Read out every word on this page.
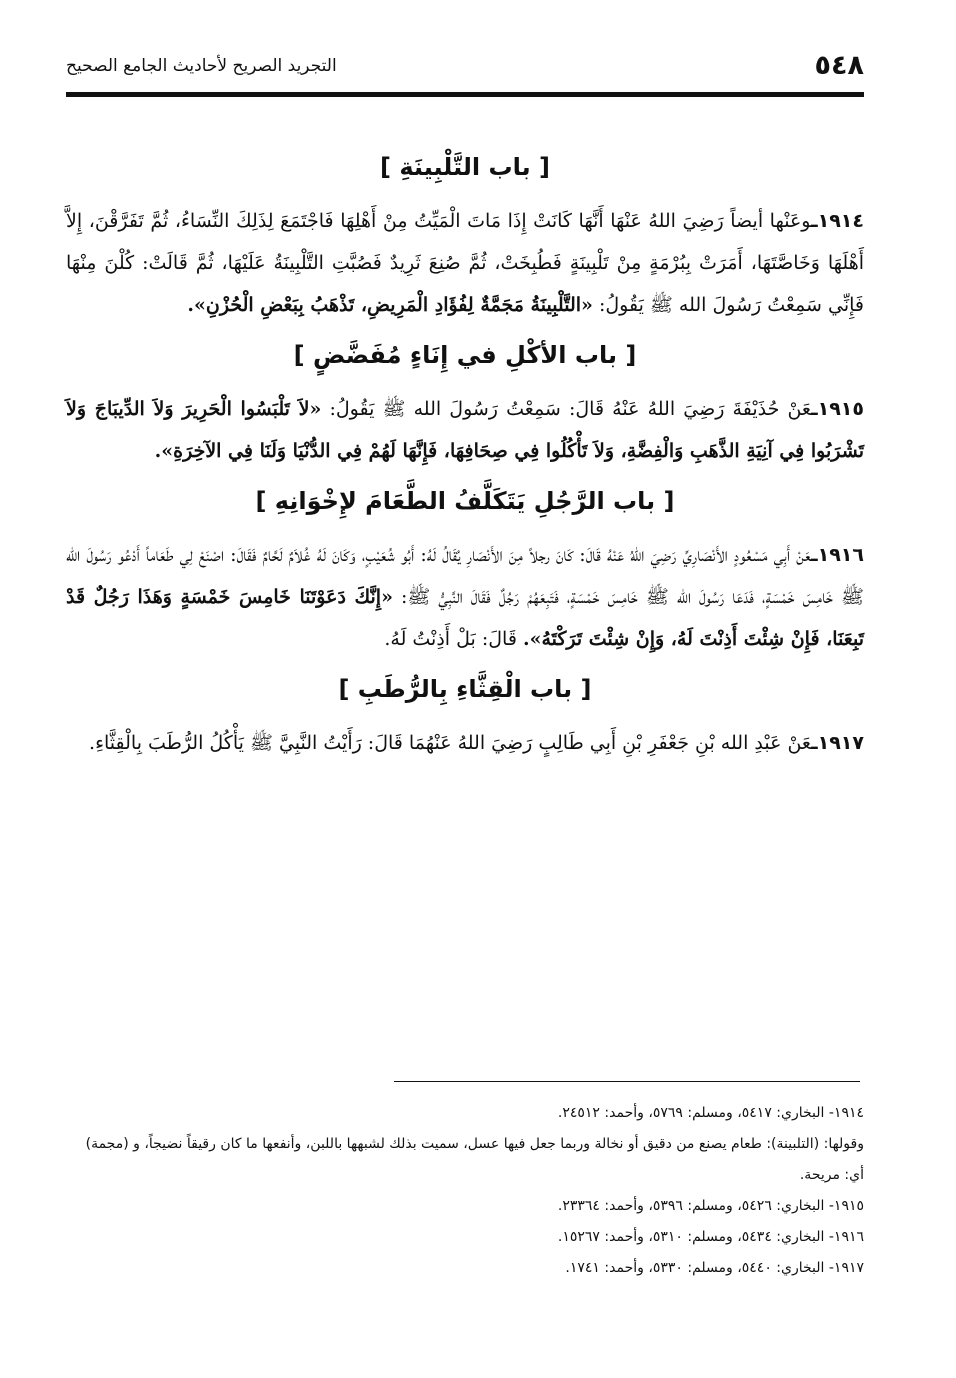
٥٤٨
التجريد الصريح لأحاديث الجامع الصحيح
[ باب التَّلْبِينَةِ ]

١٩١٤ـوعَنْها أيضاً رَضِيَ اللهُ عَنْهَا أَنَّهَا كَانَتْ إِذَا مَاتَ الْمَيِّتُ مِنْ أَهْلِهَا فَاجْتَمَعَ لِذَلِكَ النِّسَاءُ، ثُمَّ تَفَرَّقْنَ، إِلاَّ أَهْلَهَا وَخَاصَّتَهَا، أَمَرَتْ بِبُرْمَةٍ مِنْ تَلْبِينَةٍ فَطُبِخَتْ، ثُمَّ صُنِعَ ثَرِيدٌ فَصُبَّتِ التَّلْبِينَةُ عَلَيْهَا، ثُمَّ قَالَتْ: كُلْنَ مِنْهَا فَإِنِّي سَمِعْتُ رَسُولَ الله ﷺ يَقُولُ: «التَّلْبِينَةُ مَجَمَّةٌ لِفُؤَادِ الْمَرِيضِ، تَذْهَبُ بِبَعْضِ الْحُزْنِ».

[ باب الأكْلِ في إِنَاءٍ مُفَضَّضٍ ]

١٩١٥ـعَنْ حُذَيْفَةَ رَضِيَ اللهُ عَنْهُ قَالَ: سَمِعْتُ رَسُولَ الله ﷺ يَقُولُ: «لاَ تَلْبَسُوا الْحَرِيرَ وَلاَ الدِّيبَاجَ وَلاَ تَشْرَبُوا فِي آنِيَةِ الذَّهَبِ وَالْفِضَّةِ، وَلاَ تَأْكُلُوا فِي صِحَافِهَا، فَإِنَّهَا لَهُمْ فِي الدُّنْيَا وَلَنَا فِي الآخِرَةِ».

[ باب الرَّجُلِ يَتَكَلَّفُ الطَّعَامَ لإِخْوَانِهِ ]

١٩١٦ـعَنْ أَبِي مَسْعُودٍ الأَنْصَارِيِّ رَضِيَ اللهُ عَنْهُ قَالَ: كَانَ رجلاً مِنَ الأَنْصَارِ يُقَالُ لَهُ: أَبُو شُعَيْبٍ، وَكَانَ لَهُ غُلاَمٌ لَحَّامٌ فَقَالَ: اصْنَعْ لِي طَعَاماً أَدْعُو رَسُولَ الله ﷺ خَامِسَ خَمْسَةٍ، فَدَعَا رَسُولَ الله ﷺ خَامِسَ خَمْسَةٍ، فَتَبِعَهُمْ رَجُلٌ فَقَالَ النَّبِيُّ ﷺ: «إِنَّكَ دَعَوْتَنَا خَامِسَ خَمْسَةٍ وَهَذَا رَجُلٌ قَدْ تَبِعَنَا، فَإِنْ شِئْتَ أَذِنْتَ لَهُ، وَإِنْ شِئْتَ تَرَكْتَهُ». قَالَ: بَلْ أَذِنْتُ لَهُ.

[ باب الْقِثَّاءِ بِالرُّطَبِ ]

١٩١٧ـعَنْ عَبْدِ الله بْنِ جَعْفَرِ بْنِ أَبِي طَالِبٍ رَضِيَ اللهُ عَنْهُمَا قَالَ: رَأَيْتُ النَّبِيَّ ﷺ يَأْكُلُ الرُّطَبَ بِالْقِثَّاءِ.

١٩١٤- البخاري: ٥٤١٧، ومسلم: ٥٧٦٩، وأحمد: ٢٤٥١٢.

وقولها: (التلبينة): طعام يصنع من دقيق أو نخالة وربما جعل فيها عسل، سميت بذلك لشبهها باللبن، وأنفعها ما كان رقيقاً نضيجاً، و (مجمة) أي: مريحة.

١٩١٥- البخاري: ٥٤٢٦، ومسلم: ٥٣٩٦، وأحمد: ٢٣٣٦٤.

١٩١٦- البخاري: ٥٤٣٤، ومسلم: ٥٣١٠، وأحمد: ١٥٢٦٧.

١٩١٧- البخاري: ٥٤٤٠، ومسلم: ٥٣٣٠، وأحمد: ١٧٤١.
